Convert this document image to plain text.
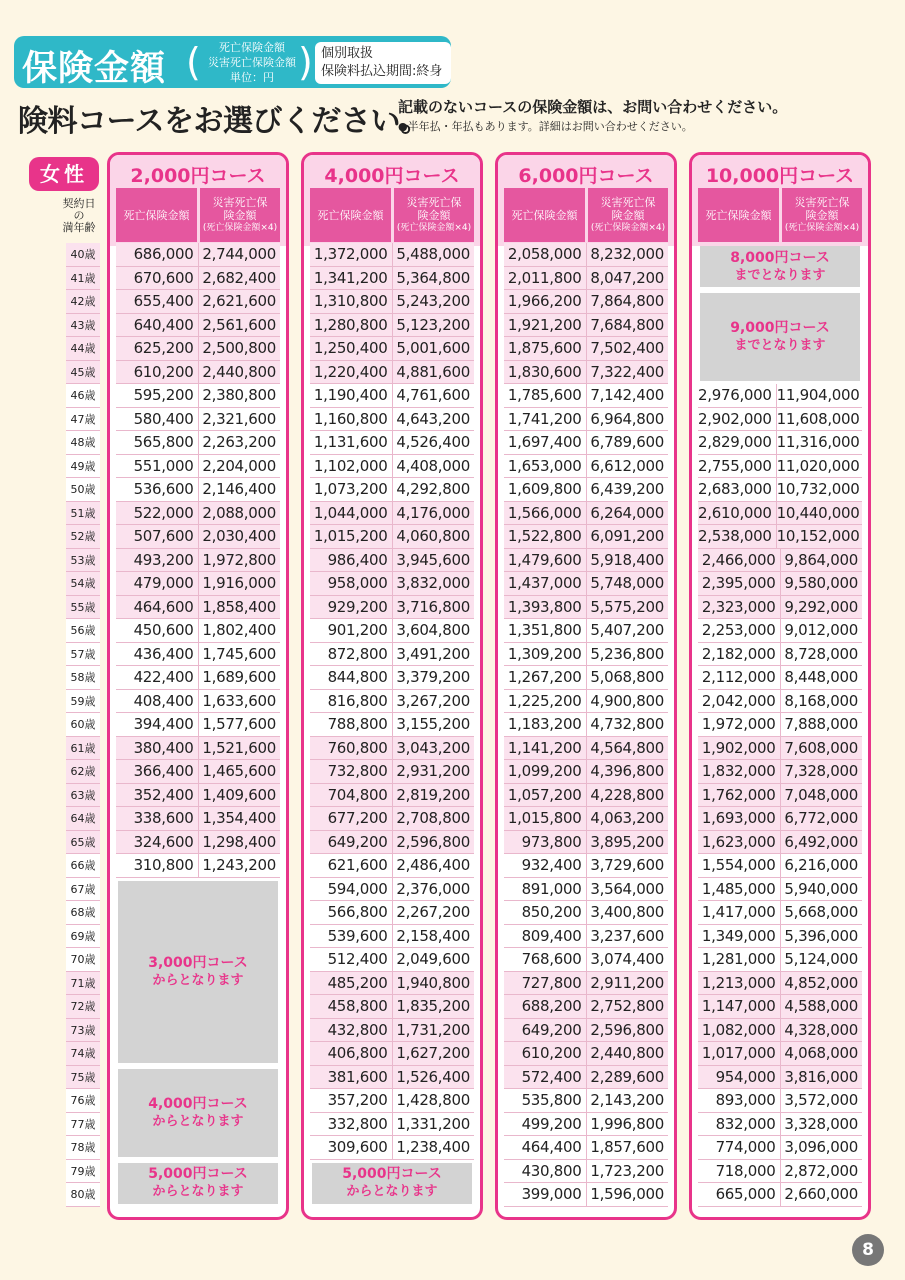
保険金額 (	死亡保険金額
災害死亡保険金額
単位：円 ) 個別取扱
保険料払込期間:終身
険料コースをお選びください。
記載のないコースの保険金額は、お問い合わせください。
●半年払・年払もあります。詳細はお問い合わせください。
女性
契約日
の
満年齢
40歳
41歳
42歳
43歳
44歳
45歳
46歳
47歳
48歳
49歳
50歳
51歳
52歳
53歳
54歳
55歳
56歳
57歳
58歳
59歳
60歳
61歳
62歳
63歳
64歳
65歳
66歳
67歳
68歳
69歳
70歳
71歳
72歳
73歳
74歳
75歳
76歳
77歳
78歳
79歳
80歳
2,000円コース
死亡保険金額
災害死亡保険金額
(死亡保険金額×4)
686,000 2,744,000
670,600 2,682,400
655,400 2,621,600
640,400 2,561,600
625,200 2,500,800
610,200 2,440,800
595,200 2,380,800
580,400 2,321,600
565,800 2,263,200
551,000 2,204,000
536,600 2,146,400
522,000 2,088,000
507,600 2,030,400
493,200 1,972,800
479,000 1,916,000
464,600 1,858,400
450,600 1,802,400
436,400 1,745,600
422,400 1,689,600
408,400 1,633,600
394,400 1,577,600
380,400 1,521,600
366,400 1,465,600
352,400 1,409,600
338,600 1,354,400
324,600 1,298,400
310,800 1,243,200
3,000円コース
からとなります
4,000円コース
からとなります
5,000円コース
からとなります
4,000円コース
死亡保険金額
災害死亡保険金額
(死亡保険金額×4)
1,372,000 5,488,000
1,341,200 5,364,800
1,310,800 5,243,200
1,280,800 5,123,200
1,250,400 5,001,600
1,220,400 4,881,600
1,190,400 4,761,600
1,160,800 4,643,200
1,131,600 4,526,400
1,102,000 4,408,000
1,073,200 4,292,800
1,044,000 4,176,000
1,015,200 4,060,800
986,400 3,945,600
958,000 3,832,000
929,200 3,716,800
901,200 3,604,800
872,800 3,491,200
844,800 3,379,200
816,800 3,267,200
788,800 3,155,200
760,800 3,043,200
732,800 2,931,200
704,800 2,819,200
677,200 2,708,800
649,200 2,596,800
621,600 2,486,400
594,000 2,376,000
566,800 2,267,200
539,600 2,158,400
512,400 2,049,600
485,200 1,940,800
458,800 1,835,200
432,800 1,731,200
406,800 1,627,200
381,600 1,526,400
357,200 1,428,800
332,800 1,331,200
309,600 1,238,400
5,000円コース
からとなります
6,000円コース
死亡保険金額
災害死亡保険金額
(死亡保険金額×4)
2,058,000 8,232,000
2,011,800 8,047,200
1,966,200 7,864,800
1,921,200 7,684,800
1,875,600 7,502,400
1,830,600 7,322,400
1,785,600 7,142,400
1,741,200 6,964,800
1,697,400 6,789,600
1,653,000 6,612,000
1,609,800 6,439,200
1,566,000 6,264,000
1,522,800 6,091,200
1,479,600 5,918,400
1,437,000 5,748,000
1,393,800 5,575,200
1,351,800 5,407,200
1,309,200 5,236,800
1,267,200 5,068,800
1,225,200 4,900,800
1,183,200 4,732,800
1,141,200 4,564,800
1,099,200 4,396,800
1,057,200 4,228,800
1,015,800 4,063,200
973,800 3,895,200
932,400 3,729,600
891,000 3,564,000
850,200 3,400,800
809,400 3,237,600
768,600 3,074,400
727,800 2,911,200
688,200 2,752,800
649,200 2,596,800
610,200 2,440,800
572,400 2,289,600
535,800 2,143,200
499,200 1,996,800
464,400 1,857,600
430,800 1,723,200
399,000 1,596,000
10,000円コース
死亡保険金額
災害死亡保険金額
(死亡保険金額×4)
2,976,000 11,904,000
2,902,000 11,608,000
2,829,000 11,316,000
2,755,000 11,020,000
2,683,000 10,732,000
2,610,000 10,440,000
2,538,000 10,152,000
2,466,000 9,864,000
2,395,000 9,580,000
2,323,000 9,292,000
2,253,000 9,012,000
2,182,000 8,728,000
2,112,000 8,448,000
2,042,000 8,168,000
1,972,000 7,888,000
1,902,000 7,608,000
1,832,000 7,328,000
1,762,000 7,048,000
1,693,000 6,772,000
1,623,000 6,492,000
1,554,000 6,216,000
1,485,000 5,940,000
1,417,000 5,668,000
1,349,000 5,396,000
1,281,000 5,124,000
1,213,000 4,852,000
1,147,000 4,588,000
1,082,000 4,328,000
1,017,000 4,068,000
954,000 3,816,000
893,000 3,572,000
832,000 3,328,000
774,000 3,096,000
718,000 2,872,000
665,000 2,660,000
8,000円コース
までとなります
9,000円コース
までとなります
8
